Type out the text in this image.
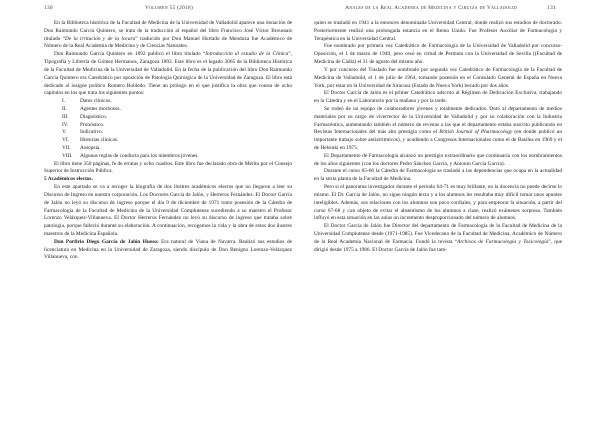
130	Volumen 55 (2018)

En la Biblioteca histórica de la Facultad de Medicina de la Universidad de Valladolid aparece una donación de Don Raimundo García Quintero, se trata de la traducción al español del libro Francisco José Víctor Broussais titulado “De la irritación y de la locura” traducido por Don Manuel Hurtado de Mendoza fue Académico de Número de la Real Academia de Medicina y de Ciencias Naturales.

Don Raimundo García Quintero en 1892 publicó el libro titulado “Introducción al estudio de la Clínica”, Tipografía y Librería de Gómez Hermanos, Zaragoza 1892. Este libro es el legado 3065 de la Biblioteca Histórica de la Facultad de Medicina de la Universidad de Valladolid. En la fecha de la publicación del libro Don Raimundo García Quintero era Catedrático por oposición de Patología Quirúrgica de la Universidad de Zaragoza. El libro está dedicado al insigne político Romero Robledo. Tiene un prólogo en el que justifica la obra que consta de ocho capítulos en los que trata los siguientes puntos:

I.	Datos clínicos.
II.	Agentes morbosos.
III.	Diagnóstico.
IV.	Pronóstico.
V.	Indicativo.
VI.	Historias clínicas.
VII.	Autopsia.
VIII.	Algunas reglas de conducta para los miembros jóvenes.

El libro tiene 350 páginas, fe de erratas y ocho cuadros. Este libro fue declarado obra de Mérito por el Consejo Superior de Instrucción Pública.

5 Académicos electos.

En este apartado se va a recoger la biografía de dos ilustres académicos electos que no llegaron a leer su Discurso de Ingreso en nuestra corporación. Los Doctores García de Jalón, y Herreros Fernández. El Doctor García de Jalón no leyó su discurso de ingreso porque el día 9 de diciembre de 1971 tomo posesión de la Cátedra de Farmacología de la Facultad de Medicina de la Universidad Complutense sucediendo a su maestro el Profesor Lorenzo Velázquez-Villanueva. El Doctor Herreros Fernández no leyó su discurso de ingreso que trataba sobre patología, porque falleció durante su elaboración. A continuación, recogemos la vida y la obra de estos dos ilustres maestros de la Medicina Española.

Don Porfirio Diego García de Jalón Hueso: Era natural de Viana de Navarra. Realizó sus estudios de licenciatura en Medicina en la Universidad de Zaragoza, siendo discípulo de Don Benigno Lorenzo-Velázquez Villanueva, con

Anales de la Real Academia de Medicina y Cirugía de Valladolid	131

quien se trasladó en 1941 a la entonces denominada Universidad Central, donde realizó sus estudios de doctorado. Posteriormente realizó una prolongada estancia en el Reino Unido. Fue Profesor Auxiliar de Farmacología y Terapéutica en la Universidad Central.

Fue nombrado por primera vez Catedrático de Farmacología de la Universidad de Valladolid por concurso-Oposición, el 1 de marzo de 1949, pero cesó en virtud de Permuta con la Universidad de Sevilla ((Facultad de Medicina de Cádiz) el 31 de agosto del mismo año.

Y por concurso del Traslado fue nombrado por segunda vez Catedrático de Farmacología de la Facultad de Medicina de Valladolid, el 1 de julio de 1964, tomando posesión en el Consulado General de España en Nueva York, por estar en la Universidad de Siracusa (Estado de Nueva York) becado por dos años.

El Doctor García de Jalón es el primer Catedrático adscrito al Régimen de Dedicación Exclusiva, trabajando en la Cátedra y en el Laboratorio por la mañana y por la tarde.

Se rodeó de un equipo de colaboradores jóvenes y totalmente dedicados. Dotó al departamento de medios materiales por su cargo de vicerrector de la Universidad de Valladolid y por su colaboración con la Industria Farmacéutica, aumentando también el número de revistas a las que el departamento estaba suscrito publicando en Revistas Internacionales del más alto prestigio como el British Journal of Pharmacology (en donde publicó un importante trabajo sobre antiarritmicos), y acudiendo a Congresos Internacionales como el de Basilea en 1969 y el de Helsinki en 1975.

El Departamento de Farmacología alcanzó un prestigio extraordinario que continuaría con los nombramientos de los años siguientes (con los doctores Pedro Sánchez García, y Antonio García García).

Durante el curso 65-66 la Cátedra de Farmacología se trasladó a las dependencias que ocupa en la actualidad en la sexta planta de la Facultad de Medicina.

Pero si el panorama investigador durante el periodo 64-71 es muy brillante, en la docencia no puede decirse lo mismo. El Dr. García de Jalón, no sigue ningún texto y a los alumnos les resultaba muy difícil tomar unos apuntes inteligibles. Además, sus relaciones con los alumnos son poco cordiales, y para empeorar la situación, a partir del curso 67-68 y con objeto de evitar el absentismo de los alumnos a clase, realizó exámenes sorpresa. También influyó en esta situación en las aulas un incremento desproporcionado del número de alumnos.

El Doctor García de Jalón fue Director del departamento de Farmacología de la Facultad de Medicina de la Universidad Complutense desde (1971-1985). Fue Vicedecano de la Facultad de Medicina, Académico de Número de la Real Academia Nacional de Farmacia. Fundó la revista “Archivos de Farmacología y Toxicología”, que dirigió desde 1975 a 1986. El Doctor García de Jalón fue tam-
